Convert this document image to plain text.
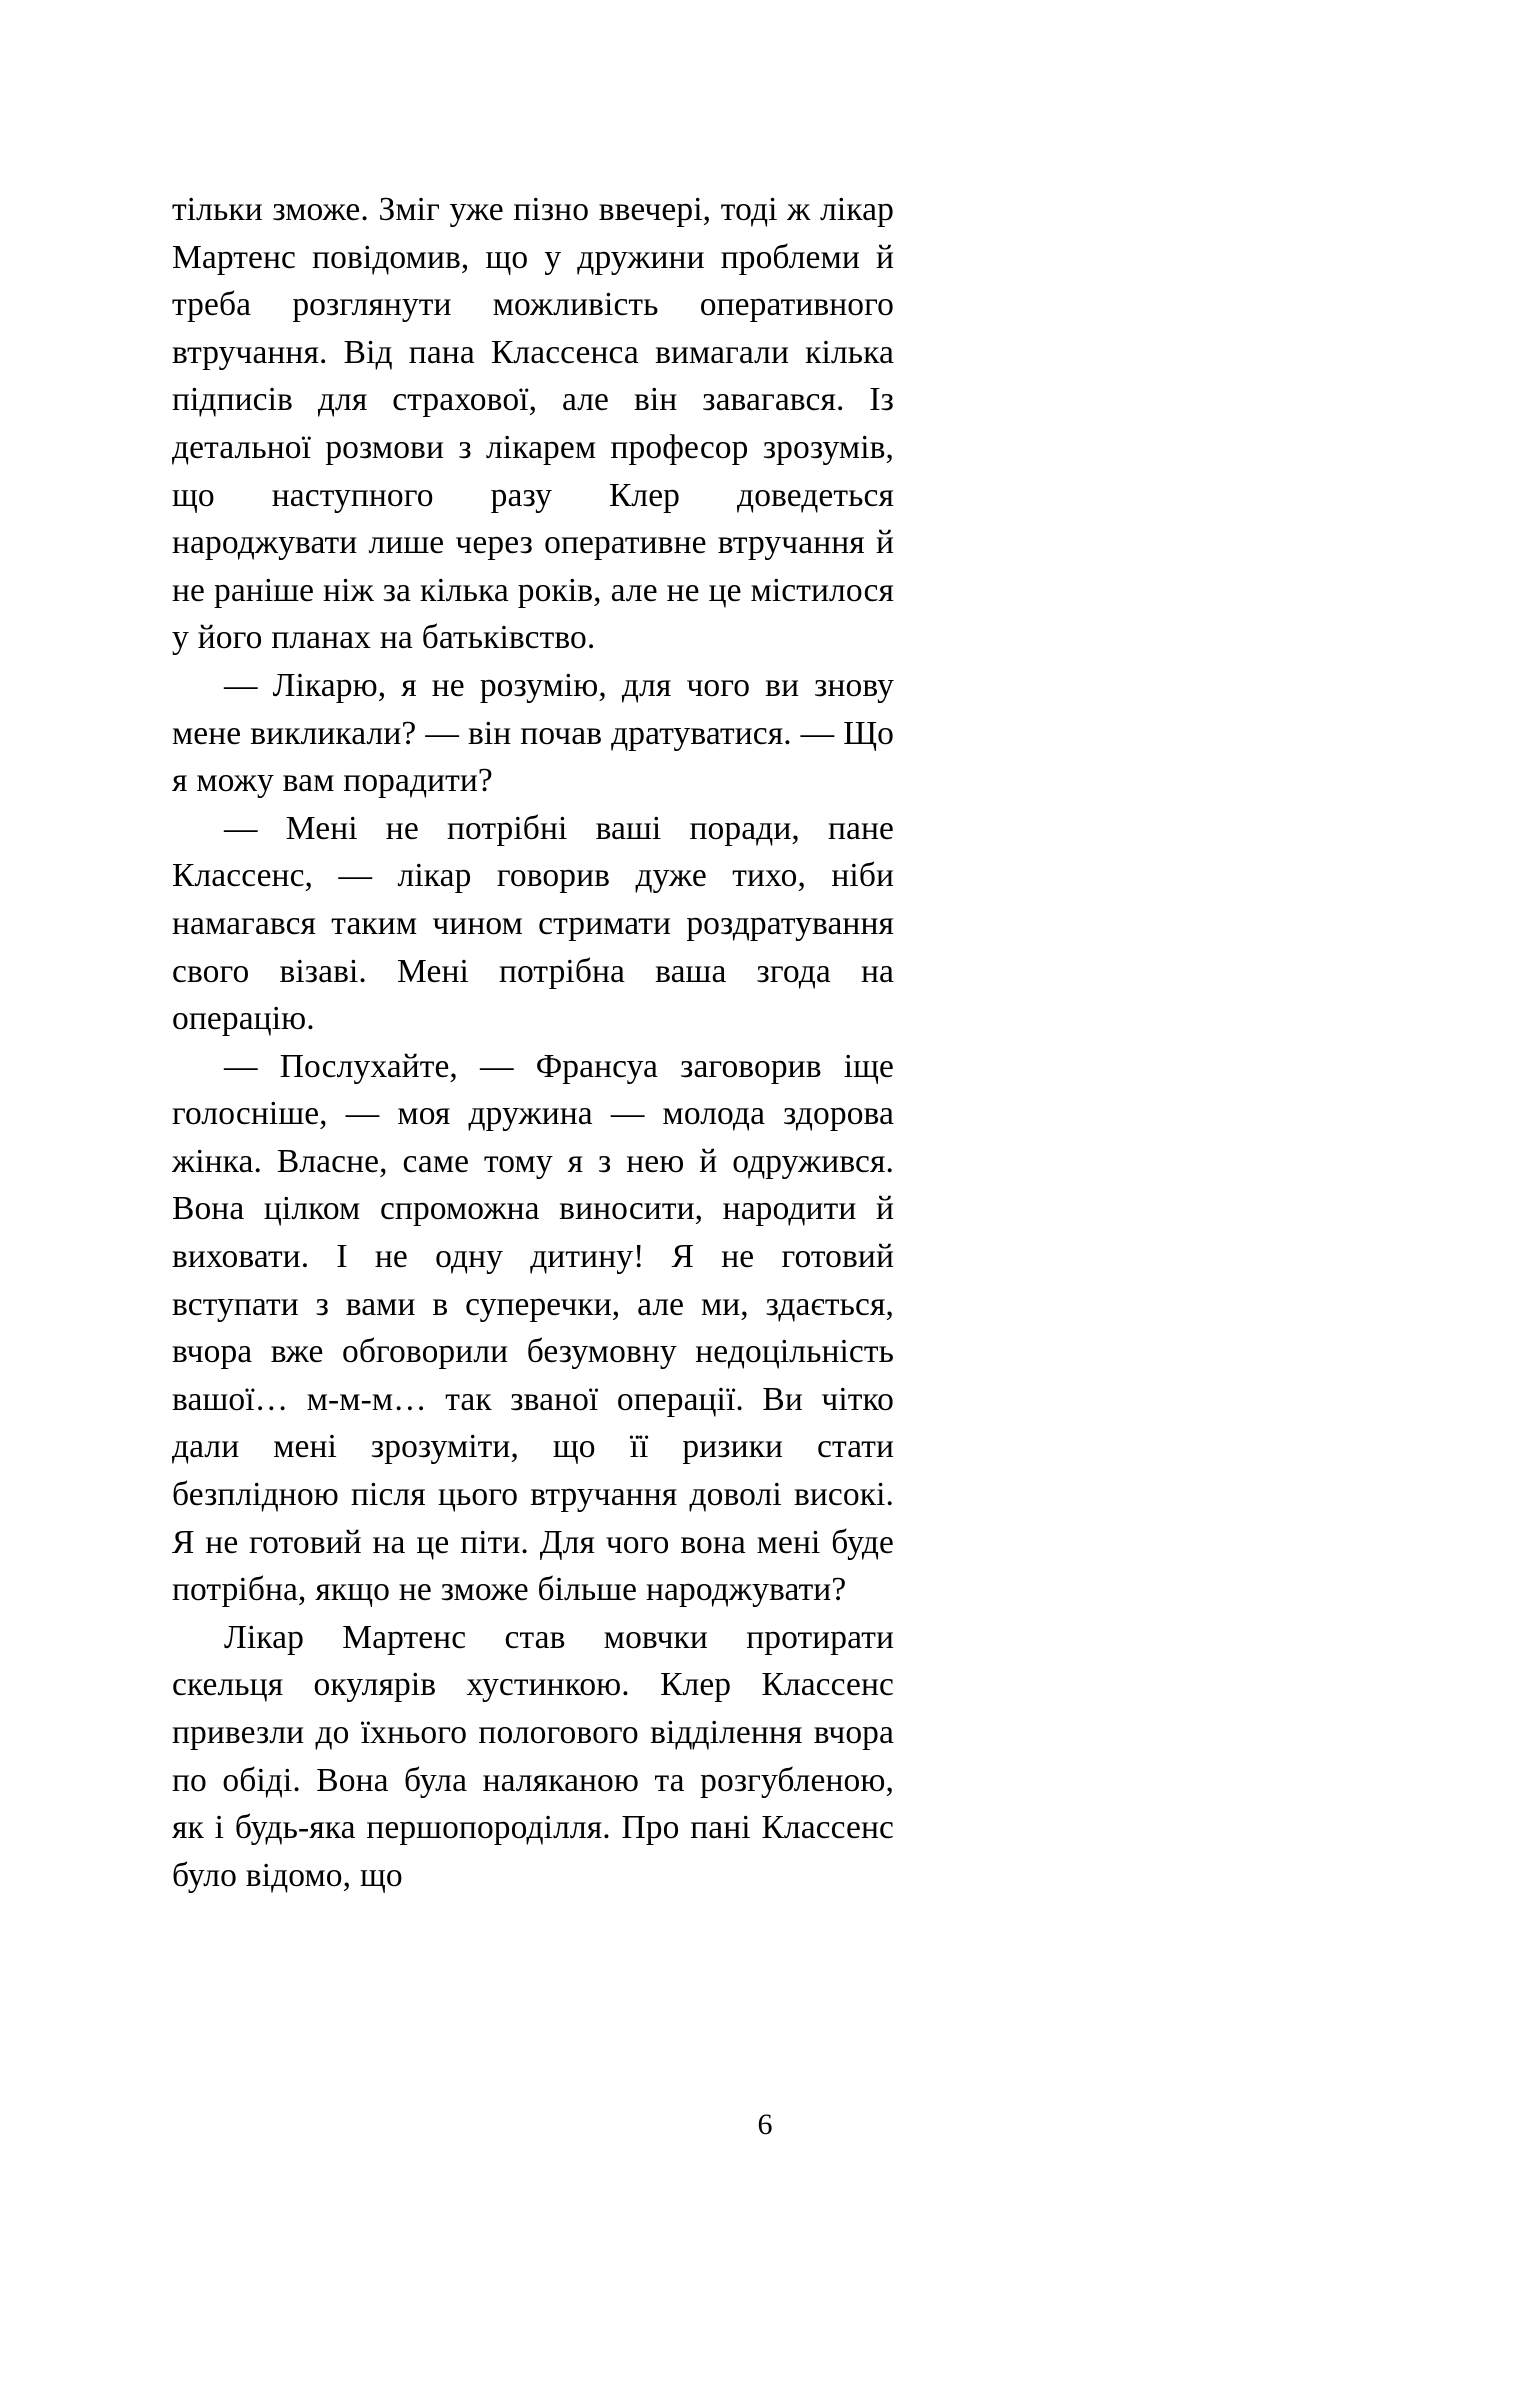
тільки зможе. Зміг уже пізно ввечері, тоді ж лікар Мартенс повідомив, що у дружини проблеми й треба розглянути можливість оперативного втручання. Від пана Классенса вимагали кілька підписів для страхової, але він завагався. Із детальної розмови з лікарем професор зрозумів, що наступного разу Клер доведеться народжувати лише через оперативне втручання й не раніше ніж за кілька років, але не це містилося у його планах на батьківство.

— Лікарю, я не розумію, для чого ви знову мене викликали? — він почав дратуватися. — Що я можу вам порадити?

— Мені не потрібні ваші поради, пане Классенс, — лікар говорив дуже тихо, ніби намагався таким чином стримати роздратування свого візаві. Мені потрібна ваша згода на операцію.

— Послухайте, — Франсуа заговорив іще голосніше, — моя дружина — молода здорова жінка. Власне, саме тому я з нею й одружився. Вона цілком спроможна виносити, народити й виховати. І не одну дитину! Я не готовий вступати з вами в суперечки, але ми, здається, вчора вже обговорили безумовну недоцільність вашої… м-м-м… так званої операції. Ви чітко дали мені зрозуміти, що її ризики стати безплідною після цього втручання доволі високі. Я не готовий на це піти. Для чого вона мені буде потрібна, якщо не зможе більше народжувати?

Лікар Мартенс став мовчки протирати скельця окулярів хустинкою. Клер Классенс привезли до їхнього пологового відділення вчора по обіді. Вона була наляканою та розгубленою, як і будь-яка першопороділля. Про пані Классенс було відомо, що

6
